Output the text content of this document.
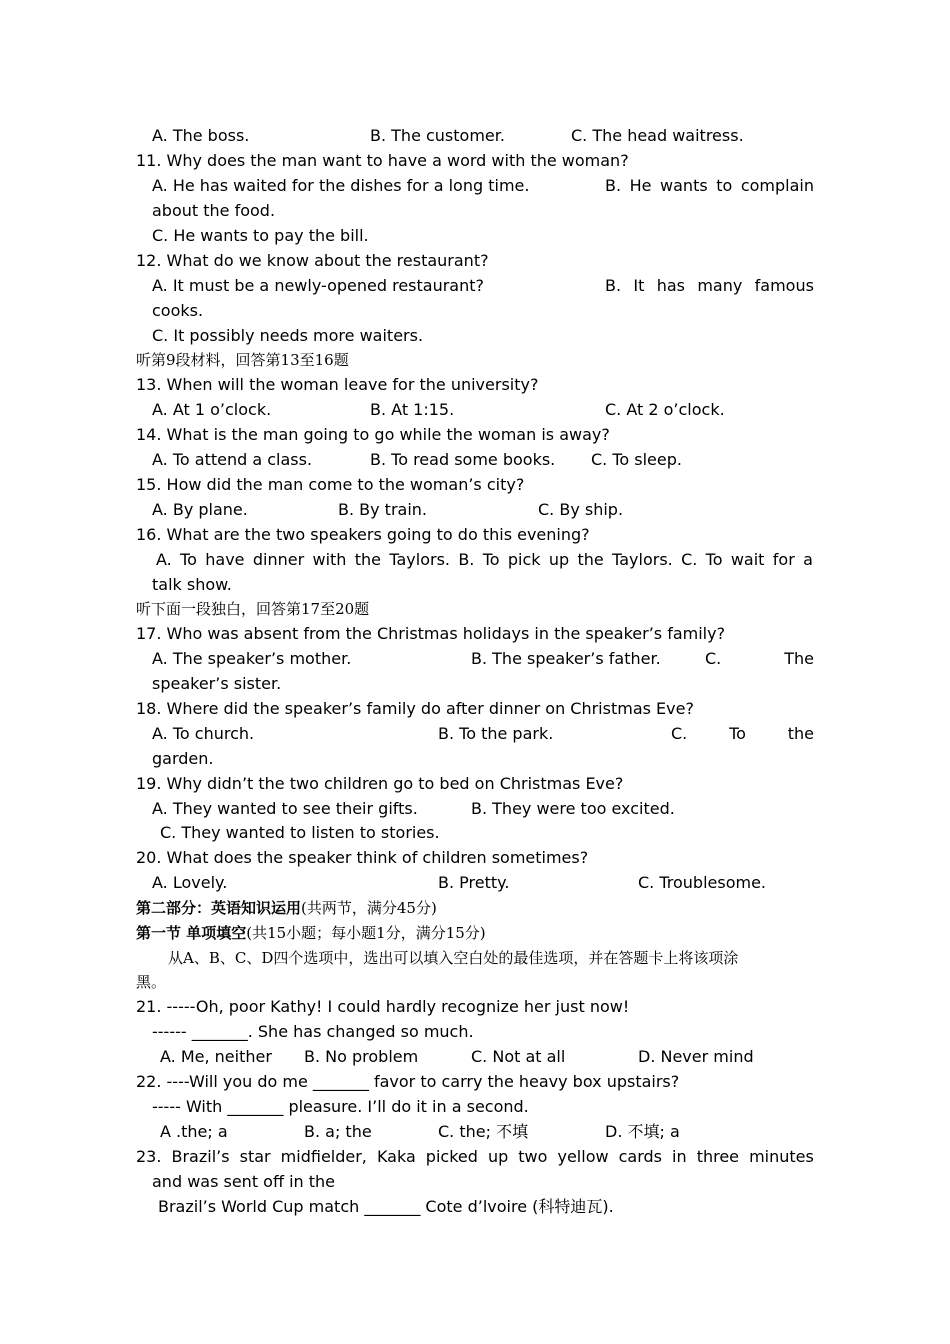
A. The boss.	B. The customer.	C. The head waitress.
11. Why does the man want to have a word with the woman?
A. He has waited for the dishes for a long time.	B. He wants to complain
about the food.
C. He wants to pay the bill.
12. What do we know about the restaurant?
A. It must be a newly-opened restaurant?	B. It has many famous
cooks.
C. It possibly needs more waiters.
听第9段材料，回答第13至16题
13. When will the woman leave for the university?
A. At 1 o’clock.	B. At 1:15.	C. At 2 o’clock.
14. What is the man going to go while the woman is away?
A. To attend a class.	B. To read some books. C. To sleep.
15. How did the man come to the woman’s city?
A. By plane.	B. By train.	C. By ship.
16. What are the two speakers going to do this evening?
A. To have dinner with the Taylors. B. To pick up the Taylors. C. To wait for a
talk show.
听下面一段独白，回答第17至20题
17. Who was absent from the Christmas holidays in the speaker’s family?
A. The speaker’s mother.	B. The speaker’s father.	C.	The
speaker’s sister.
18. Where did the speaker’s family do after dinner on Christmas Eve?
A. To church.	B. To the park.	C.	To	the
garden.
19. Why didn’t the two children go to bed on Christmas Eve?
A. They wanted to see their gifts.	B. They were too excited.
C. They wanted to listen to stories.
20. What does the speaker think of children sometimes?
A. Lovely.	B. Pretty.	C. Troublesome.
第二部分：英语知识运用(共两节，满分45分)
第一节 单项填空(共15小题；每小题1分，满分15分)
从A、B、C、D四个选项中，选出可以填入空白处的最佳选项，并在答题卡上将该项涂
黑。
21. -----Oh, poor Kathy! I could hardly recognize her just now!
------ _______. She has changed so much.
A. Me, neither B. No problem	C. Not at all	D. Never mind
22. ----Will you do me _______ favor to carry the heavy box upstairs?
----- With _______ pleasure. I’ll do it in a second.
A .the; a	B. a; the	C. the; 不填	D. 不填; a
23. Brazil’s star midfielder, Kaka picked up two yellow cards in three minutes
and was sent off in the
Brazil’s World Cup match _______ Cote d’lvoire (科特迪瓦).
